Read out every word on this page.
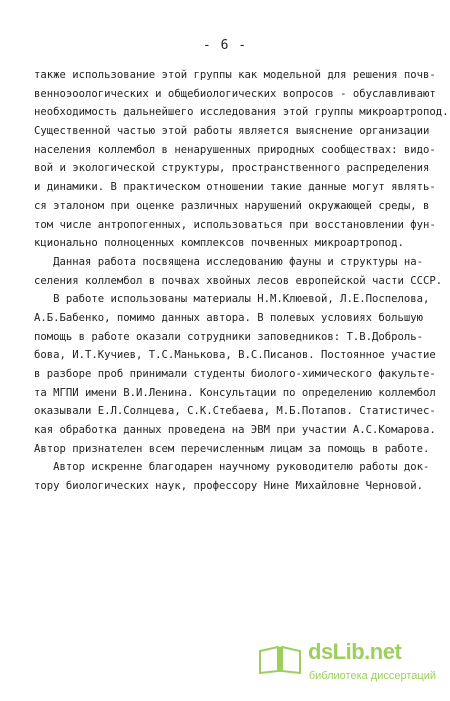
- 6 -
также использование этой группы как модельной для решения почв-
венноэоологических и общебиологических вопросов - обуславливают
необходимость дальнейшего исследования этой группы микроартропод.
Существенной частью этой работы является выяснение организации
населения коллембол в ненарушенных природных сообществах: видо-
вой и экологической структуры, пространственного распределения
и динамики. В практическом отношении такие данные могут являть-
ся эталоном при оценке различных нарушений окружающей среды, в
том числе антропогенных, использоваться при восстановлении фун-
кционально полноценных комплексов почвенных микроартропод.
Данная работа посвящена исследованию фауны и структуры на-
селения коллембол в почвах хвойных лесов европейской части СССР.
В работе использованы материалы Н.М.Клюевой, Л.Е.Поспелова,
А.Б.Бабенко, помимо данных автора. В полевых условиях большую
помощь в работе оказали сотрудники заповедников: Т.В.Доброль-
бова, И.Т.Кучиев, Т.С.Манькова, В.С.Писанов. Постоянное участие
в разборе проб принимали студенты биолого-химического факульте-
та МГПИ имени В.И.Ленина. Консультации по определению коллембол
оказывали Е.Л.Солнцева, С.К.Стебаева, М.Б.Потапов. Статистичес-
кая обработка данных проведена на ЭВМ при участии А.С.Комарова.
Автор признателен всем перечисленным лицам за помощь в работе.
Автор искренне благодарен научному руководителю работы док-
тору биологических наук, профессору Нине Михайловне Черновой.
dsLib.net
библиотека диссертаций
